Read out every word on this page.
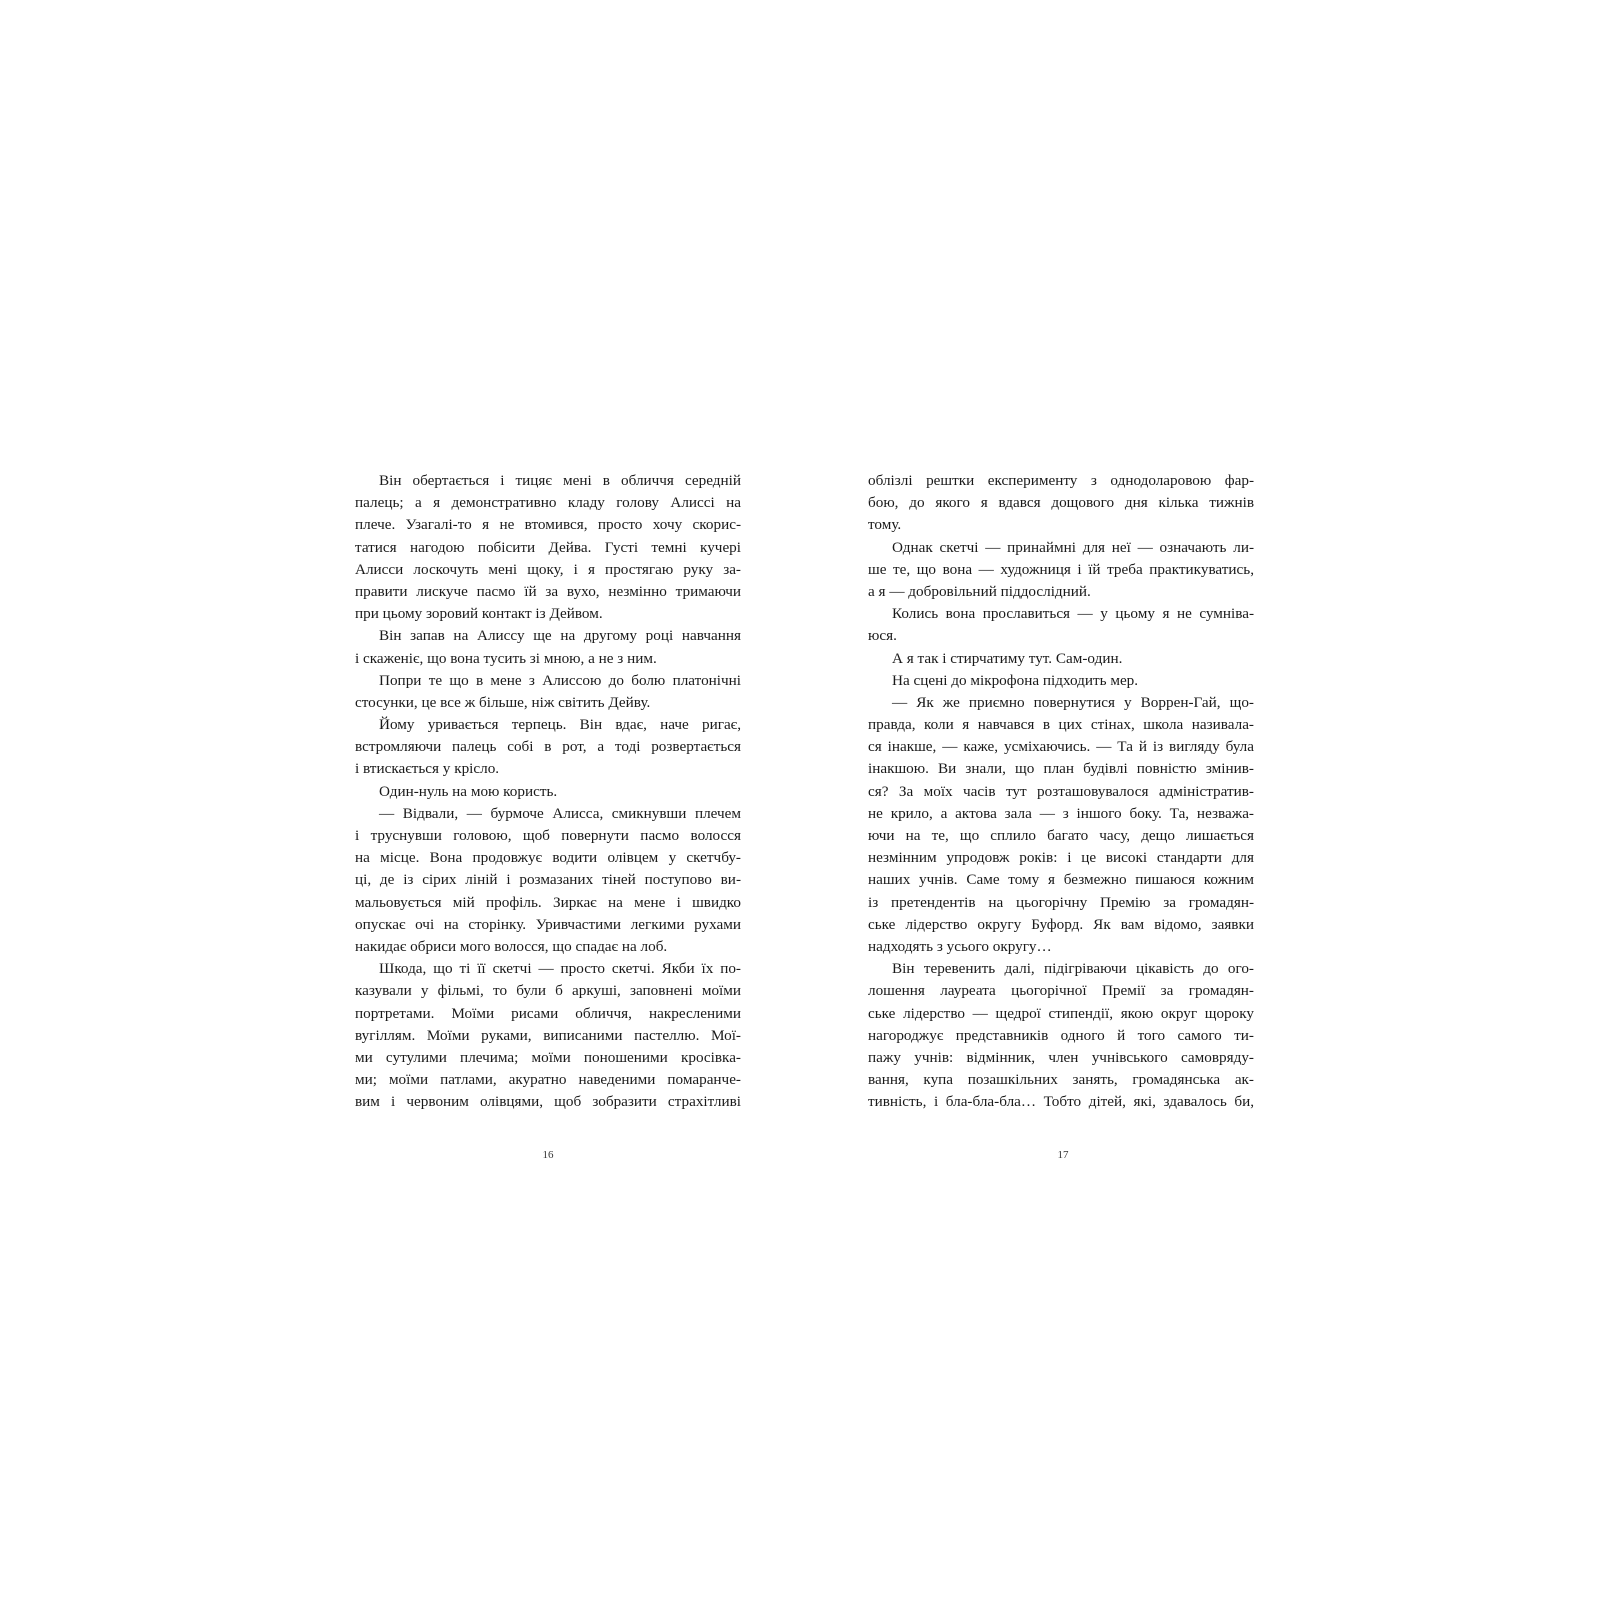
Він обертається і тицяє мені в обличчя середній
палець; а я демонстративно кладу голову Алиссі на
плече. Узагалі-то я не втомився, просто хочу скорис-
татися нагодою побісити Дейва. Густі темні кучері
Алисси лоскочуть мені щоку, і я простягаю руку за-
правити лискуче пасмо їй за вухо, незмінно тримаючи
при цьому зоровий контакт із Дейвом.
Він запав на Алиссу ще на другому році навчання
і скаженіє, що вона тусить зі мною, а не з ним.
Попри те що в мене з Алиссою до болю платонічні
стосунки, це все ж більше, ніж світить Дейву.
Йому уривається терпець. Він вдає, наче ригає,
встромляючи палець собі в рот, а тоді розвертається
і втискається у крісло.
Один-нуль на мою користь.
— Відвали, — бурмоче Алисса, смикнувши плечем
і труснувши головою, щоб повернути пасмо волосся
на місце. Вона продовжує водити олівцем у скетчбу-
ці, де із сірих ліній і розмазаних тіней поступово ви-
мальовується мій профіль. Зиркає на мене і швидко
опускає очі на сторінку. Уривчастими легкими рухами
накидає обриси мого волосся, що спадає на лоб.
Шкода, що ті її скетчі — просто скетчі. Якби їх по-
казували у фільмі, то були б аркуші, заповнені моїми
портретами. Моїми рисами обличчя, накресленими
вугіллям. Моїми руками, виписаними пастеллю. Мої-
ми сутулими плечима; моїми поношеними кросівка-
ми; моїми патлами, акуратно наведеними помаранче-
вим і червоним олівцями, щоб зобразити страхітливі
облізлі рештки експерименту з однодоларовою фар-
бою, до якого я вдався дощового дня кілька тижнів
тому.
Однак скетчі — принаймні для неї — означають ли-
ше те, що вона — художниця і їй треба практикуватись,
а я — добровільний піддослідний.
Колись вона прославиться — у цьому я не сумніва-
юся.
А я так і стирчатиму тут. Сам-один.
На сцені до мікрофона підходить мер.
— Як же приємно повернутися у Воррен-Гай, що-
правда, коли я навчався в цих стінах, школа називала-
ся інакше, — каже, усміхаючись. — Та й із вигляду була
інакшою. Ви знали, що план будівлі повністю змінив-
ся? За моїх часів тут розташовувалося адміністратив-
не крило, а актова зала — з іншого боку. Та, незважа-
ючи на те, що сплило багато часу, дещо лишається
незмінним упродовж років: і це високі стандарти для
наших учнів. Саме тому я безмежно пишаюся кожним
із претендентів на цьогорічну Премію за громадян-
ське лідерство округу Буфорд. Як вам відомо, заявки
надходять з усього округу…
Він теревенить далі, підігріваючи цікавість до ого-
лошення лауреата цьогорічної Премії за громадян-
ське лідерство — щедрої стипендії, якою округ щороку
нагороджує представників одного й того самого ти-
пажу учнів: відмінник, член учнівського самовряду-
вання, купа позашкільних занять, громадянська ак-
тивність, і бла-бла-бла… Тобто дітей, які, здавалось би,
16	17
